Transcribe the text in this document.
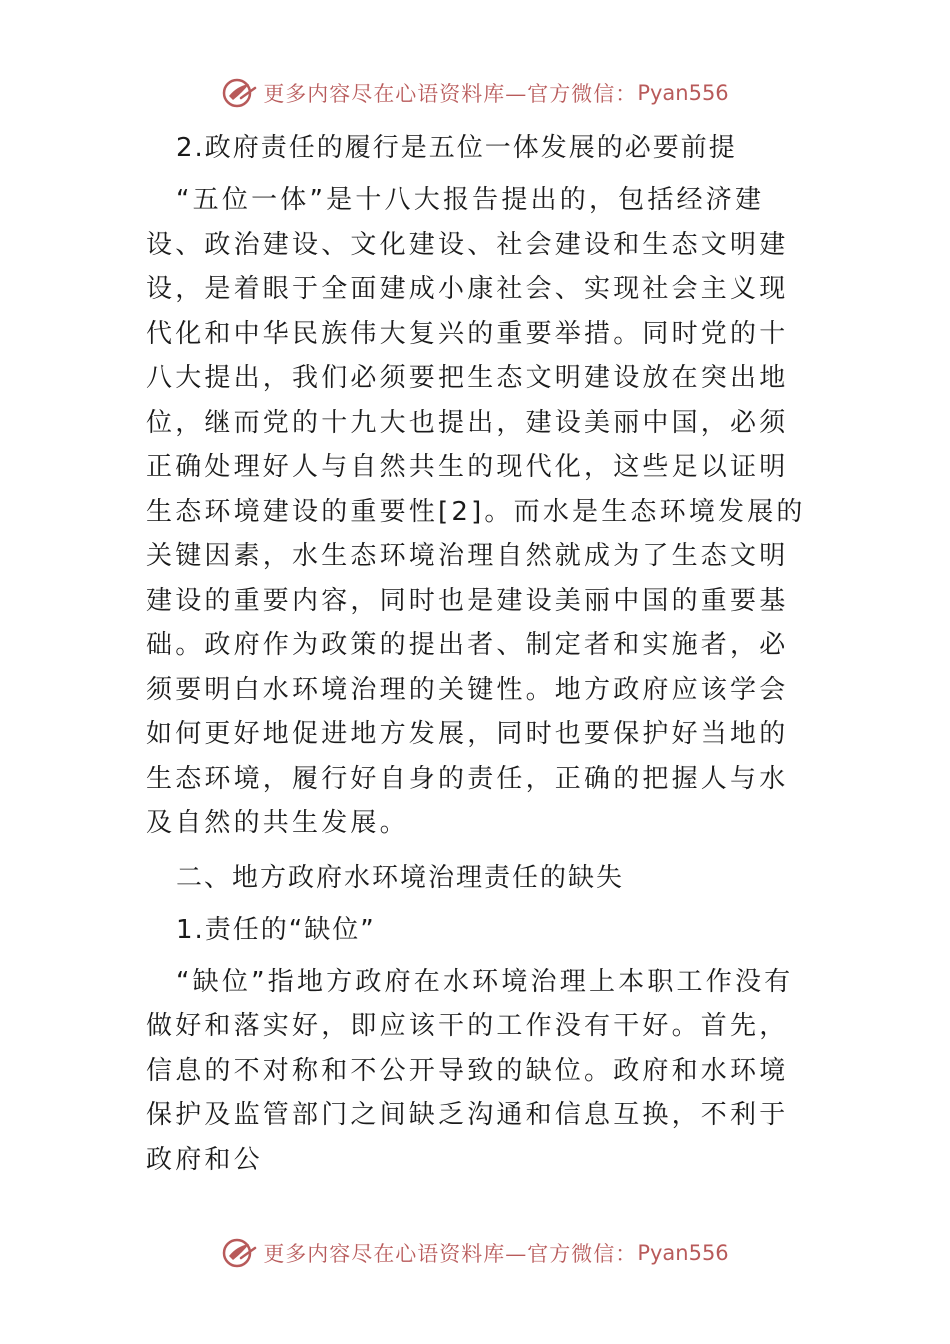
更多内容尽在心语资料库—官方微信： Pyan556

2.政府责任的履行是五位一体发展的必要前提

“五位一体”是十八大报告提出的，包括经济建设、政治建设、文化建设、社会建设和生态文明建设，是着眼于全面建成小康社会、实现社会主义现代化和中华民族伟大复兴的重要举措。同时党的十八大提出，我们必须要把生态文明建设放在突出地位，继而党的十九大也提出，建设美丽中国，必须正确处理好人与自然共生的现代化，这些足以证明生态环境建设的重要性[2]。而水是生态环境发展的关键因素，水生态环境治理自然就成为了生态文明建设的重要内容，同时也是建设美丽中国的重要基础。政府作为政策的提出者、制定者和实施者，必须要明白水环境治理的关键性。地方政府应该学会如何更好地促进地方发展，同时也要保护好当地的生态环境，履行好自身的责任，正确的把握人与水及自然的共生发展。

二、地方政府水环境治理责任的缺失

1.责任的“缺位”

“缺位”指地方政府在水环境治理上本职工作没有做好和落实好，即应该干的工作没有干好。首先，信息的不对称和不公开导致的缺位。政府和水环境保护及监管部门之间缺乏沟通和信息互换，不利于政府和公

更多内容尽在心语资料库—官方微信： Pyan556
